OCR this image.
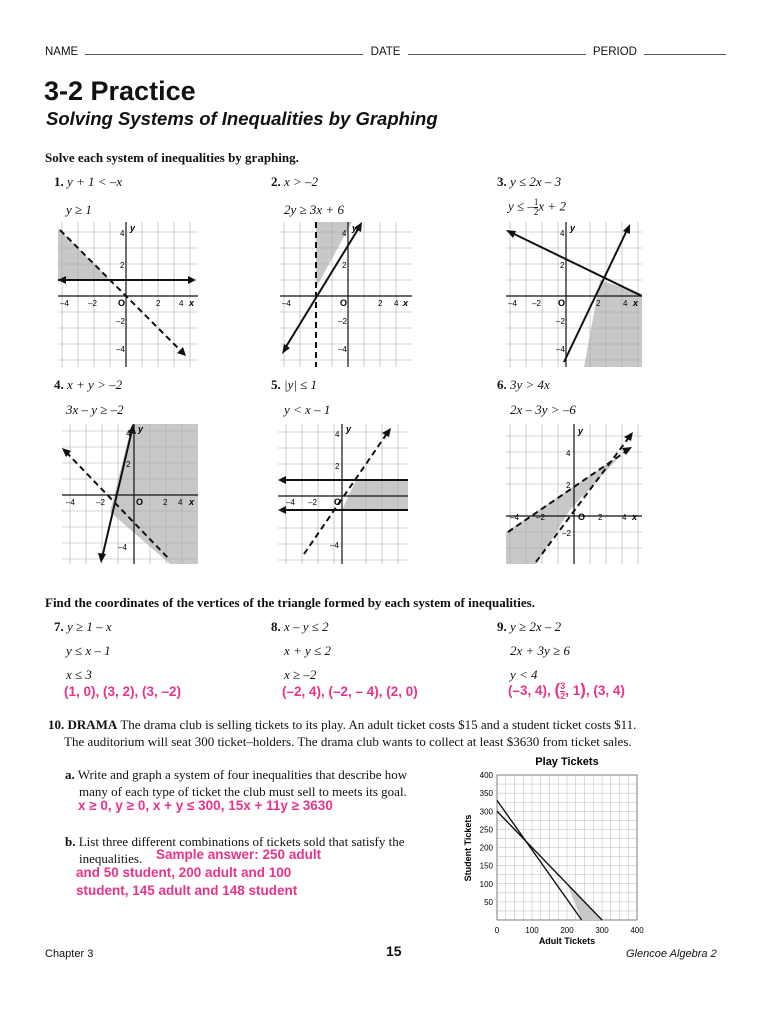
NAME	DATE	PERIOD
3-2 Practice
Solving Systems of Inequalities by Graphing
Solve each system of inequalities by graphing.
1. y + 1 < –x
y ≥ 1
2. x > –2
2y ≥ 3x + 6
3. y ≤ 2x – 3
y ≤ – $\frac{1}{2}$ x + 2
4. x + y > –2
3x – y ≥ –2
5. |y| ≤ 1
y < x – 1
6. 3y > 4x
2x – 3y > –6
y
4
2
–2
–4
–4 –2 O	2 4 x
y
4
2
–2
–4
–4	O	2 4 x
y
4
2
–2
–4
–4 –2 O	2	4 x
y
4
2
–4
–4	–2	O 2 4 x
y
4
2
–4
–4 –2 O
y
4
2
–2
–4 –2	O 2 4 x
Find the coordinates of the vertices of the triangle formed by each system of inequalities.
7. y ≥ 1 – x
y ≤ x – 1
x ≤ 3
(1, 0), (3, 2), (3, –2)
8. x – y ≤ 2
x + y ≤ 2
x ≥ –2
(–2, 4), (–2, – 4), (2, 0)
9. y ≥ 2x – 2
2x + 3y ≥ 6
y < 4
(–3, 4), ( $\frac{3}{2}$ , 1), (3, 4)
10. DRAMA The drama club is selling tickets to its play. An adult ticket costs $15 and a student ticket costs $11.
The auditorium will seat 300 ticket–holders. The drama club wants to collect at least $3630 from ticket sales.
a. Write and graph a system of four inequalities that describe how
many of each type of ticket the club must sell to meets its goal.
x ≥ 0, y ≥ 0, x + y ≤ 300, 15x + 11y ≥ 3630
b. List three different combinations of tickets sold that satisfy the
inequalities.	Sample answer: 250 adult
and 50 student, 200 adult and 100
student, 145 adult and 148 student
Play Tickets
0	100	200	300	400
50
100
150
200
250
300
350
400
Adult Tickets
Student Tickets
Chapter 3	15	Glencoe Algebra 2
